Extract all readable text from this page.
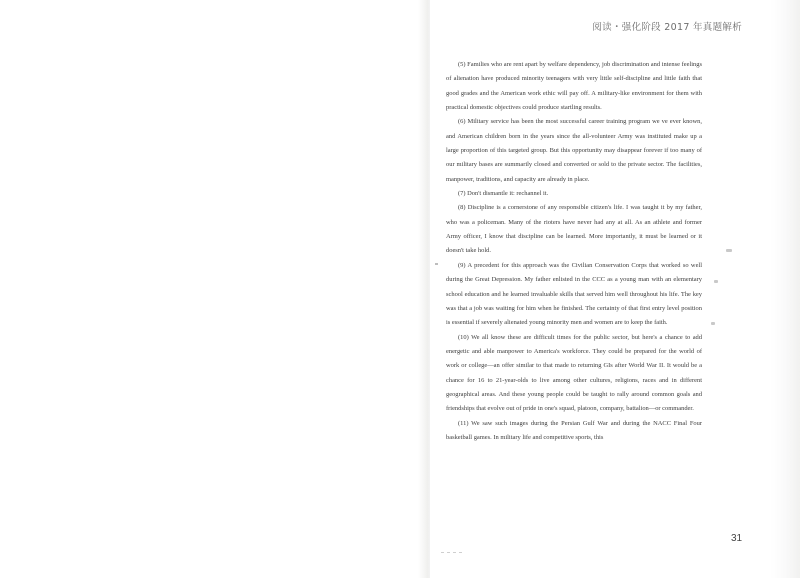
阅读・强化阶段 2017 年真题解析

(5) Families who are rent apart by welfare dependency, job discrimination and intense feelings of alienation have produced minority teenagers with very little self-discipline and little faith that good grades and the American work ethic will pay off. A military-like environment for them with practical domestic objectives could produce startling results.

(6) Military service has been the most successful career training program we ve ever known, and American children born in the years since the all-volunteer Army was instituted make up a large proportion of this targeted group. But this opportunity may disappear forever if too many of our military bases are summarily closed and converted or sold to the private sector. The facilities, manpower, traditions, and capacity are already in place.

(7) Don't dismantle it: rechannel it.

(8) Discipline is a cornerstone of any responsible citizen's life. I was taught it by my father, who was a policeman. Many of the rioters have never had any at all. As an athlete and former Army officer, I know that discipline can be learned. More importantly, it must be learned or it doesn't take hold.

(9) A precedent for this approach was the Civilian Conservation Corps that worked so well during the Great Depression. My father enlisted in the CCC as a young man with an elementary school education and he learned invaluable skills that served him well throughout his life. The key was that a job was waiting for him when he finished. The certainty of that first entry level position is essential if severely alienated young minority men and women are to keep the faith.

(10) We all know these are difficult times for the public sector, but here's a chance to add energetic and able manpower to America's workforce. They could be prepared for the world of work or college—an offer similar to that made to returning GIs after World War II. It would be a chance for 16 to 21-year-olds to live among other cultures, religions, races and in different geographical areas. And these young people could be taught to rally around common goals and friendships that evolve out of pride in one's squad, platoon, company, battalion—or commander.

(11) We saw such images during the Persian Gulf War and during the NACC Final Four basketball games. In military life and competitive sports, this

31
